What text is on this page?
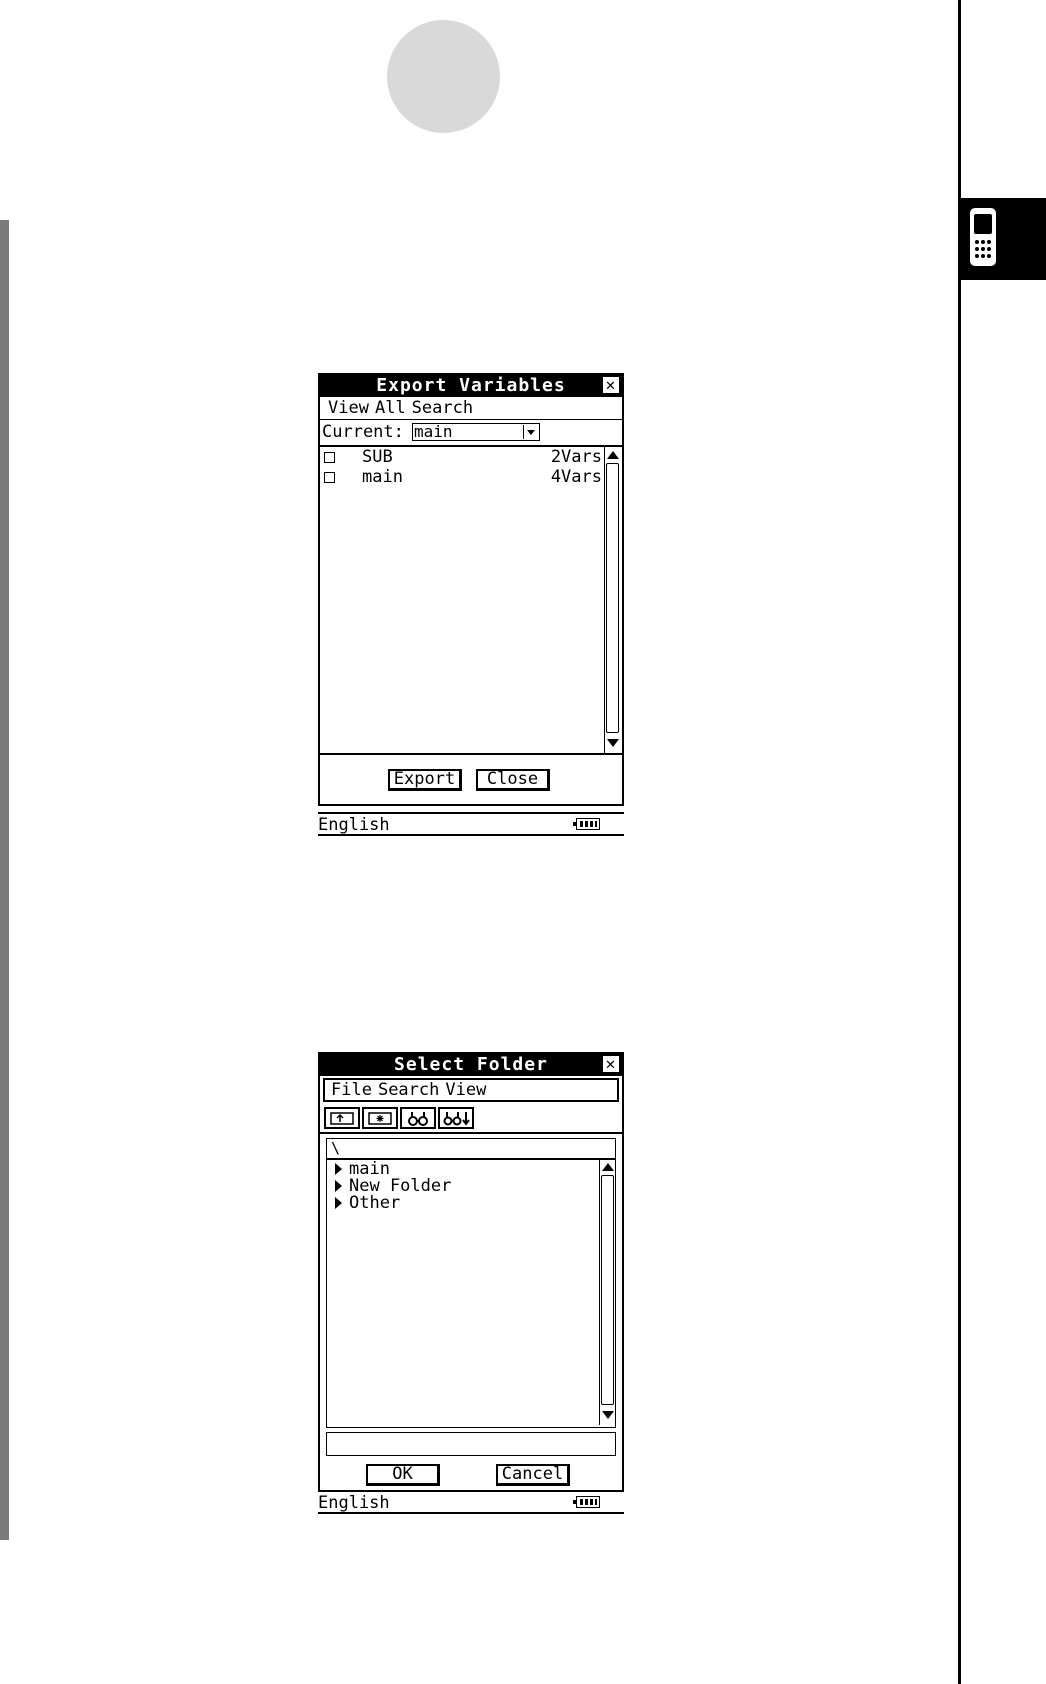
Export Variables ✕
View All Search
Current: main
SUB	2Vars
main	4Vars
Export	Close
English
Select Folder	✕
File Search View
\
main
New Folder
Other
OK	Cancel
English
